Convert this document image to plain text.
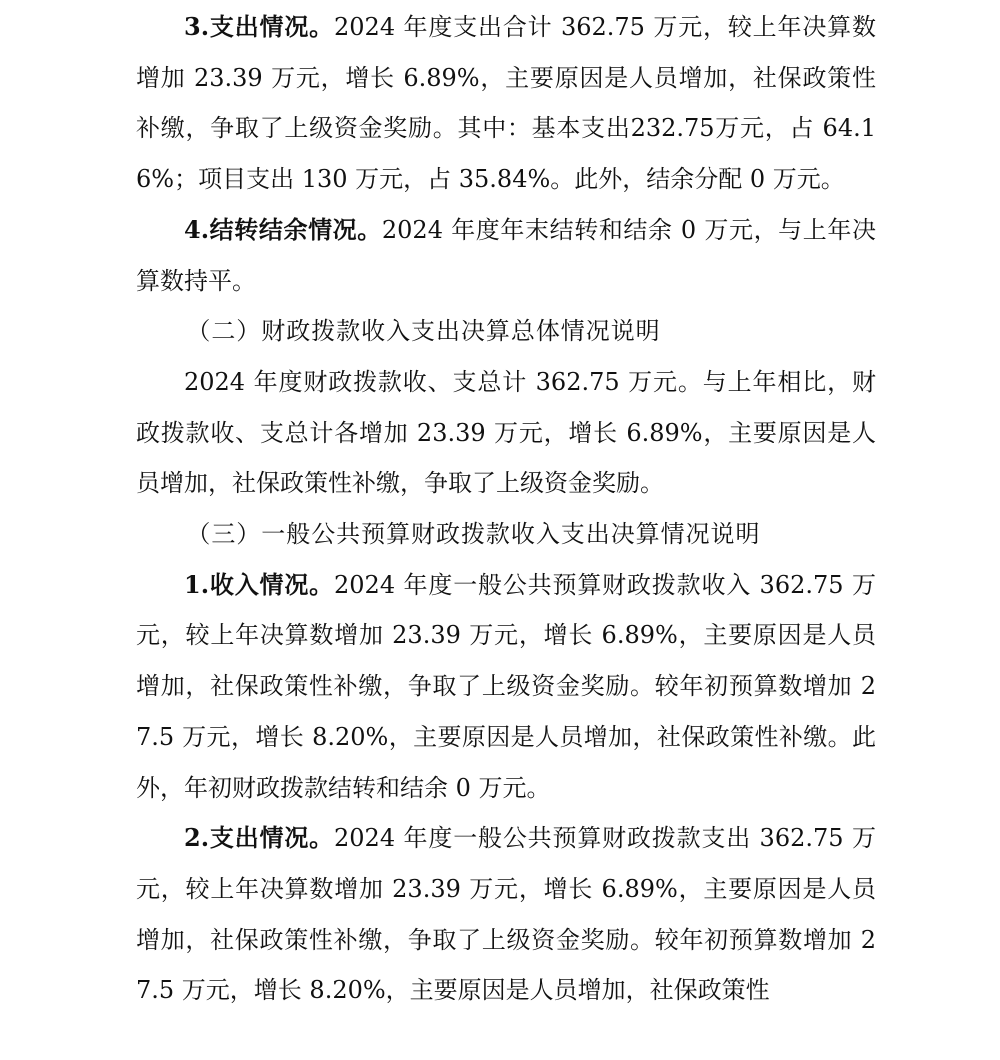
3.支出情况。2024 年度支出合计 362.75 万元，较上年决算数增加 23.39 万元，增长 6.89%，主要原因是人员增加，社保政策性补缴，争取了上级资金奖励。其中：基本支出232.75万元，占 64.16%；项目支出 130 万元，占 35.84%。此外，结余分配 0 万元。

4.结转结余情况。2024 年度年末结转和结余 0 万元，与上年决算数持平。

（二）财政拨款收入支出决算总体情况说明

2024 年度财政拨款收、支总计 362.75 万元。与上年相比，财政拨款收、支总计各增加 23.39 万元，增长 6.89%，主要原因是人员增加，社保政策性补缴，争取了上级资金奖励。

（三）一般公共预算财政拨款收入支出决算情况说明

1.收入情况。2024 年度一般公共预算财政拨款收入 362.75 万元，较上年决算数增加 23.39 万元，增长 6.89%，主要原因是人员增加，社保政策性补缴，争取了上级资金奖励。较年初预算数增加 27.5 万元，增长 8.20%，主要原因是人员增加，社保政策性补缴。此外，年初财政拨款结转和结余 0 万元。

2.支出情况。2024 年度一般公共预算财政拨款支出 362.75 万元，较上年决算数增加 23.39 万元，增长 6.89%，主要原因是人员增加，社保政策性补缴，争取了上级资金奖励。较年初预算数增加 27.5 万元，增长 8.20%，主要原因是人员增加，社保政策性
